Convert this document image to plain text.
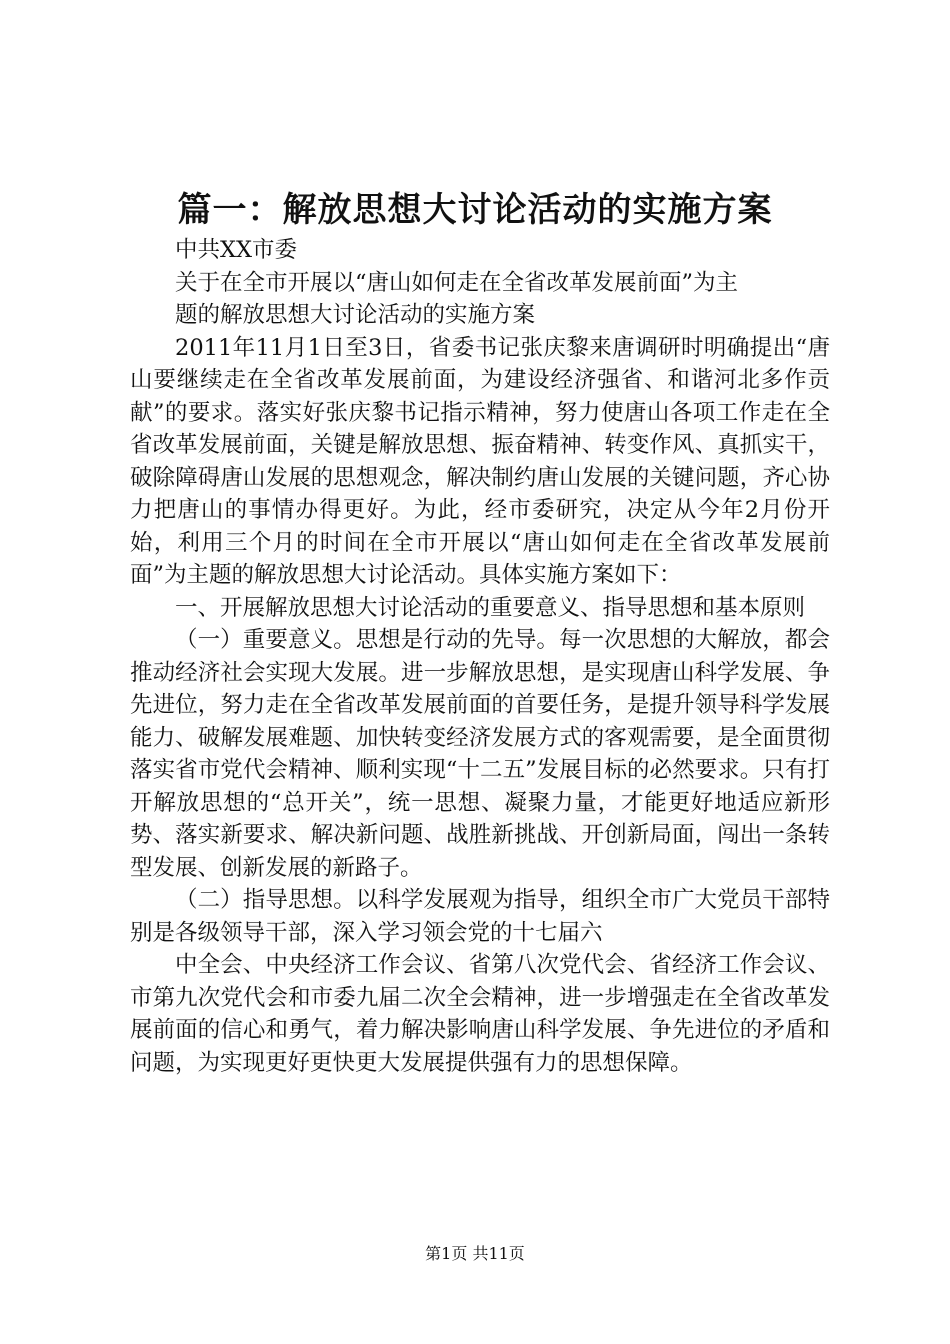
篇一：解放思想大讨论活动的实施方案

中共XX市委

关于在全市开展以“唐山如何走在全省改革发展前面”为主

题的解放思想大讨论活动的实施方案

2011年11月1日至3日，省委书记张庆黎来唐调研时明确提出“唐山要继续走在全省改革发展前面，为建设经济强省、和谐河北多作贡献”的要求。落实好张庆黎书记指示精神，努力使唐山各项工作走在全省改革发展前面，关键是解放思想、振奋精神、转变作风、真抓实干，破除障碍唐山发展的思想观念，解决制约唐山发展的关键问题，齐心协力把唐山的事情办得更好。为此，经市委研究，决定从今年2月份开始，利用三个月的时间在全市开展以“唐山如何走在全省改革发展前面”为主题的解放思想大讨论活动。具体实施方案如下：

一、开展解放思想大讨论活动的重要意义、指导思想和基本原则

（一）重要意义。思想是行动的先导。每一次思想的大解放，都会推动经济社会实现大发展。进一步解放思想，是实现唐山科学发展、争先进位，努力走在全省改革发展前面的首要任务，是提升领导科学发展能力、破解发展难题、加快转变经济发展方式的客观需要，是全面贯彻落实省市党代会精神、顺利实现“十二五”发展目标的必然要求。只有打开解放思想的“总开关”，统一思想、凝聚力量，才能更好地适应新形势、落实新要求、解决新问题、战胜新挑战、开创新局面，闯出一条转型发展、创新发展的新路子。

（二）指导思想。以科学发展观为指导，组织全市广大党员干部特别是各级领导干部，深入学习领会党的十七届六

中全会、中央经济工作会议、省第八次党代会、省经济工作会议、市第九次党代会和市委九届二次全会精神，进一步增强走在全省改革发展前面的信心和勇气，着力解决影响唐山科学发展、争先进位的矛盾和问题，为实现更好更快更大发展提供强有力的思想保障。

第1页 共11页
